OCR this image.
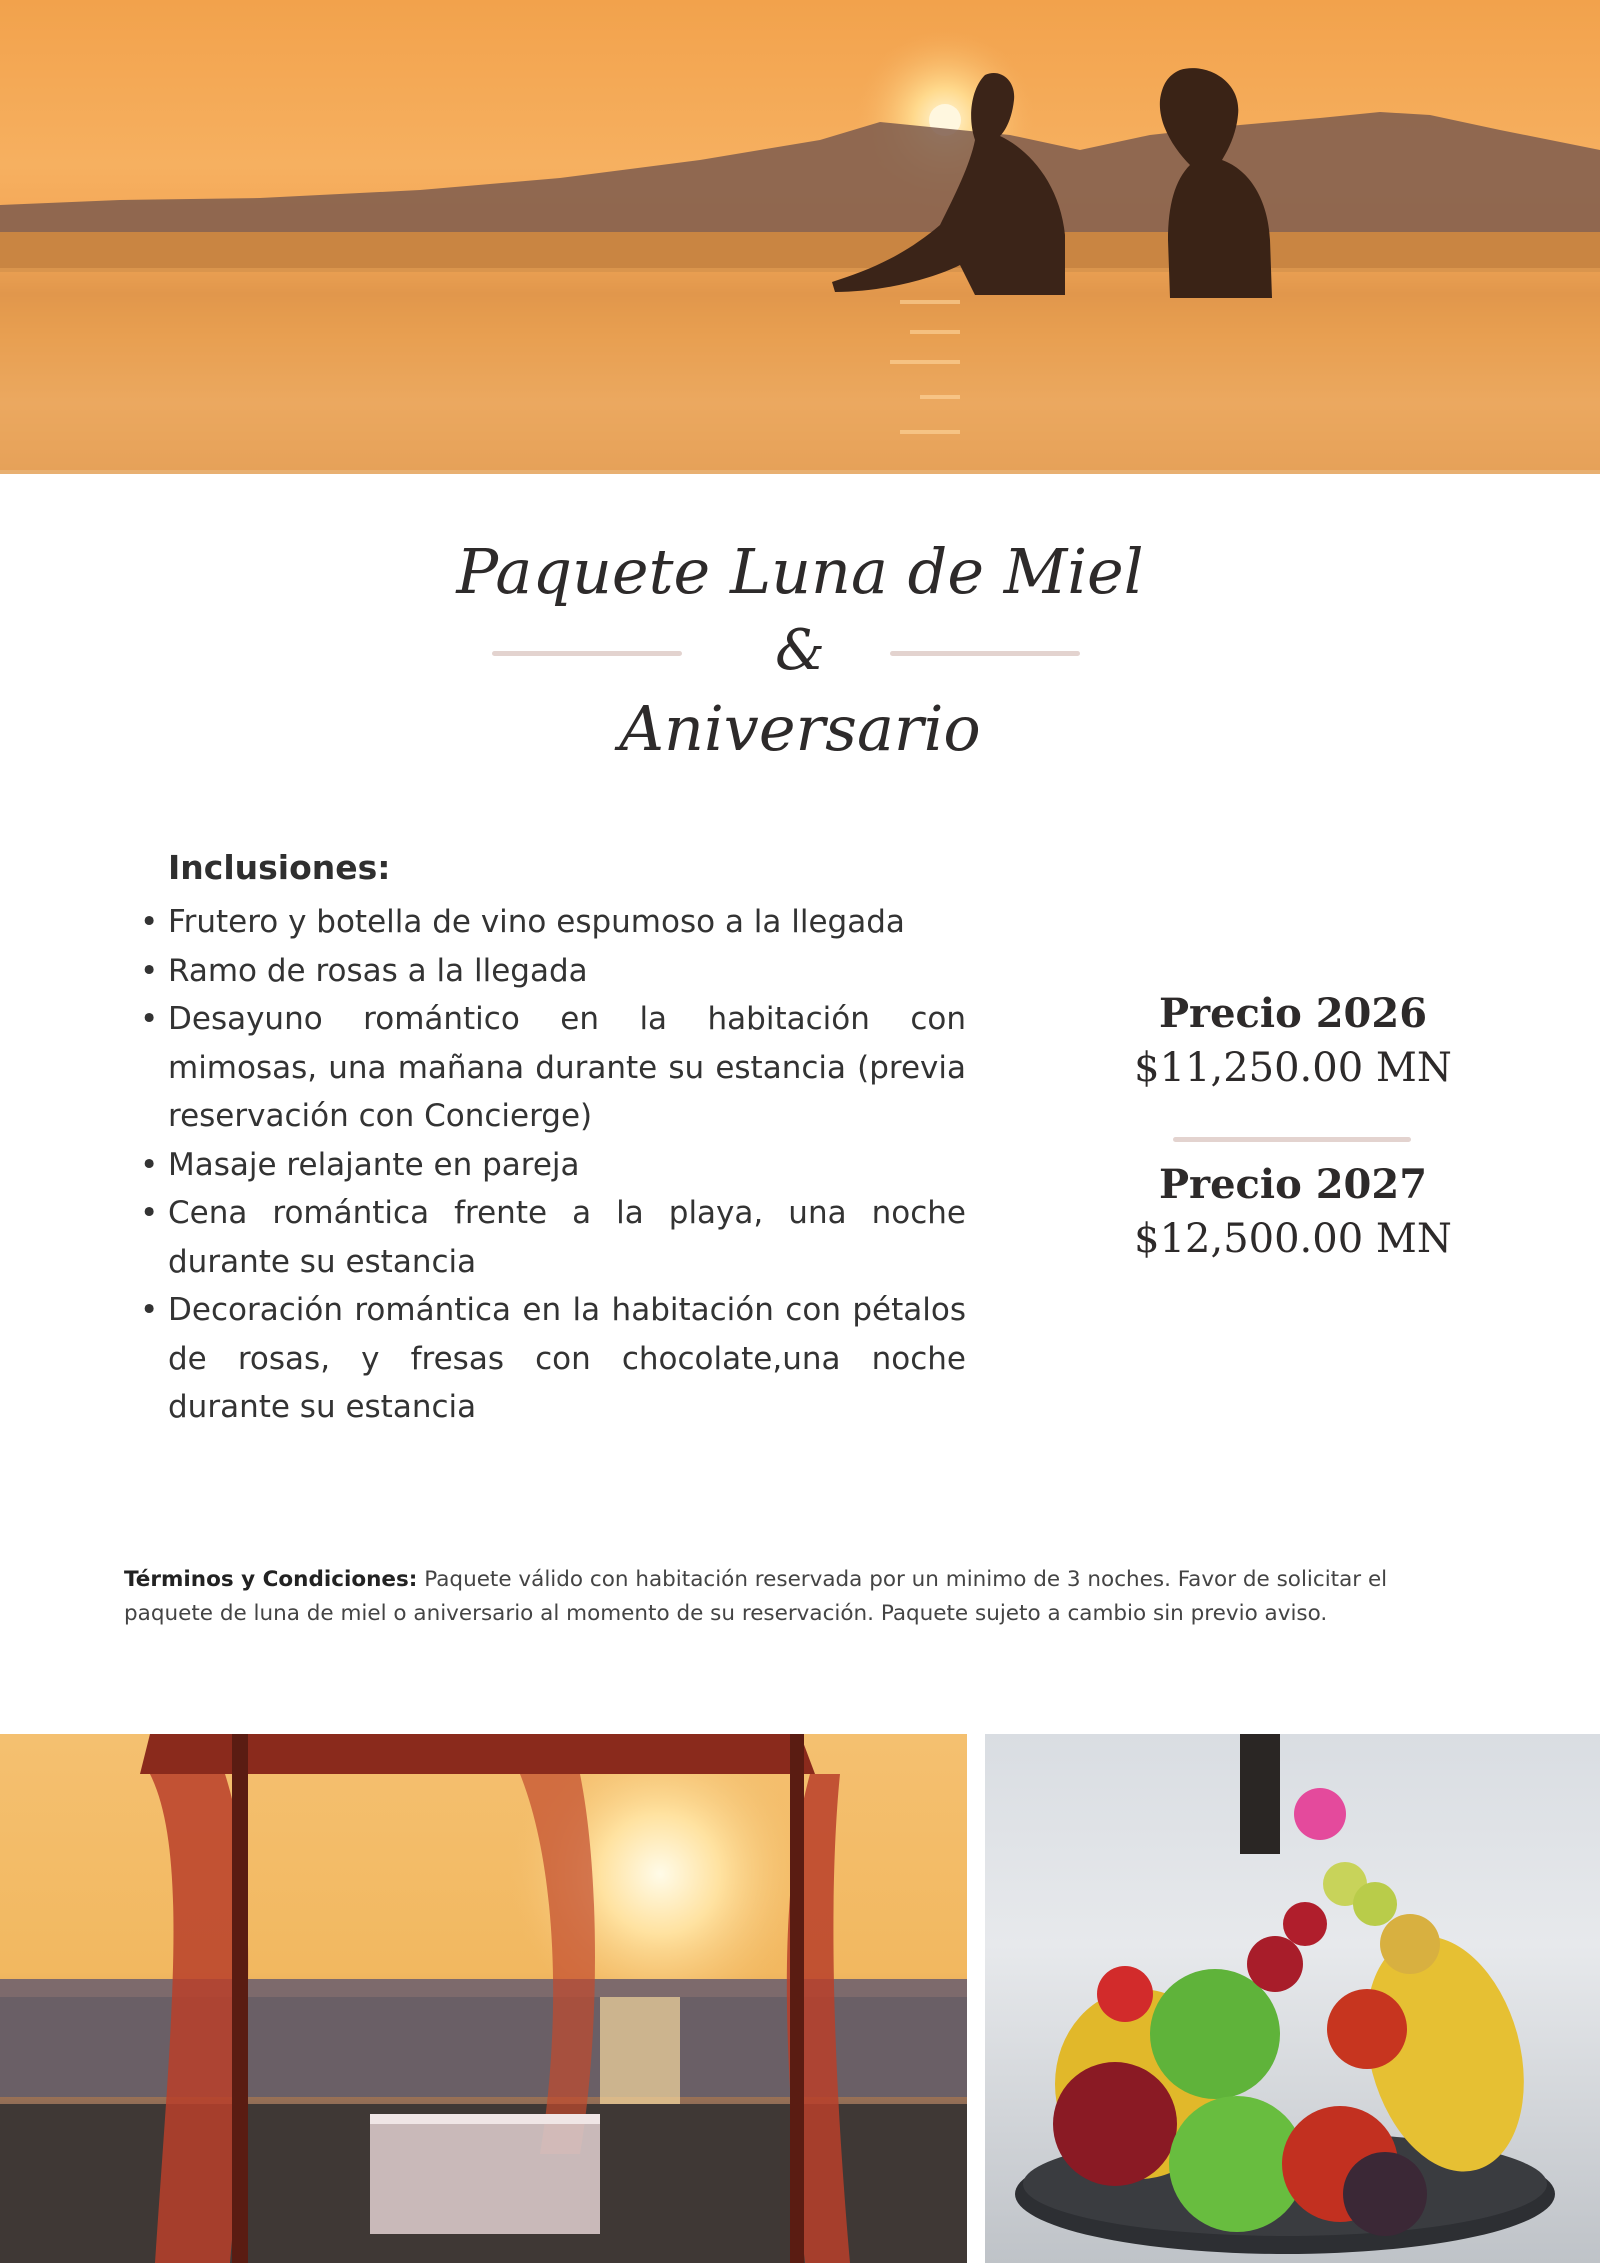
Paquete Luna de Miel
&
Aniversario
Inclusiones:
• Frutero y botella de vino espumoso a la llegada
• Ramo de rosas a la llegada
• Desayuno romántico en la habitación con mimosas, una mañana durante su estancia (previa reservación con Concierge)
• Masaje relajante en pareja
• Cena romántica frente a la playa, una noche durante su estancia
• Decoración romántica en la habitación con pétalos de rosas, y fresas con chocolate,una noche durante su estancia
Precio 2026
$11,250.00 MN
Precio 2027
$12,500.00 MN
Términos y Condiciones: Paquete válido con habitación reservada por un minimo de 3 noches. Favor de solicitar el paquete de luna de miel o aniversario al momento de su reservación. Paquete sujeto a cambio sin previo aviso.
